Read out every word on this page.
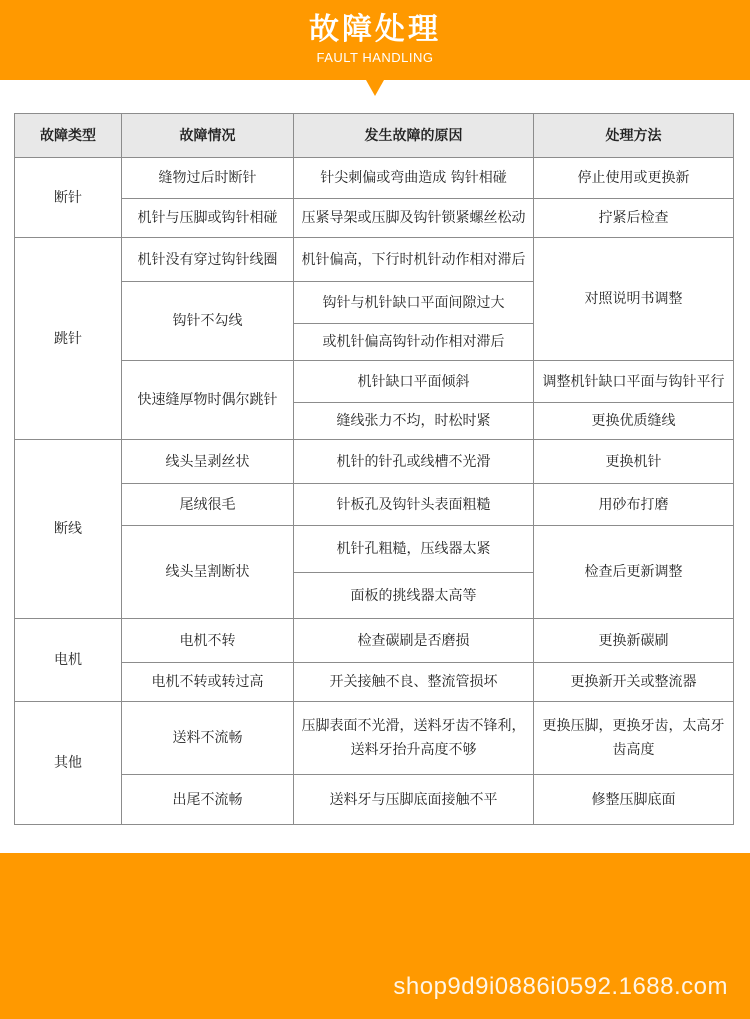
故障处理
FAULT HANDLING
故障类型	故障情况	发生故障的原因	处理方法
断针	缝物过后时断针	针尖刺偏或弯曲造成 钩针相碰	停止使用或更换新
	机针与压脚或钩针相碰	压紧导架或压脚及钩针锁紧螺丝松动	拧紧后检查
跳针	机针没有穿过钩针线圈	机针偏高，下行时机针动作相对滞后	对照说明书调整
	钩针不勾线	钩针与机针缺口平面间隙过大	
		或机针偏高钩针动作相对滞后	
	快速缝厚物时偶尔跳针	机针缺口平面倾斜	调整机针缺口平面与钩针平行
		缝线张力不均，时松时紧	更换优质缝线
断线	线头呈剥丝状	机针的针孔或线槽不光滑	更换机针
	尾绒很毛	针板孔及钩针头表面粗糙	用砂布打磨
	线头呈割断状	机针孔粗糙，压线器太紧	检查后更新调整
		面板的挑线器太高等	
电机	电机不转	检查碳刷是否磨损	更换新碳刷
	电机不转或转过高	开关接触不良、整流管损坏	更换新开关或整流器
其他	送料不流畅	压脚表面不光滑，送料牙齿不锋利，送料牙抬升高度不够	更换压脚，更换牙齿，太高牙齿高度
	出尾不流畅	送料牙与压脚底面接触不平	修整压脚底面
shop9d9i0886i0592.1688.com
